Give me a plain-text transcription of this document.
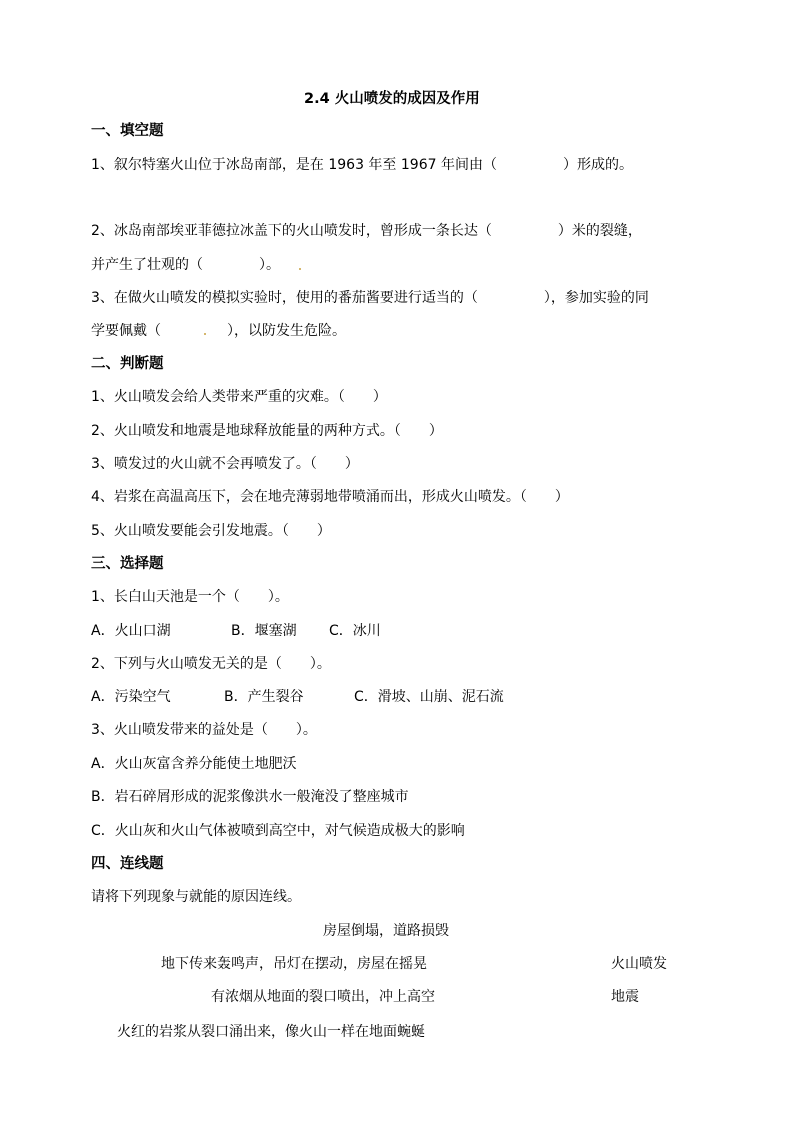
2.4 火山喷发的成因及作用
一、填空题
1、叙尔特塞火山位于冰岛南部，是在 1963 年至 1967 年间由（	）形成的。
2、冰岛南部埃亚菲德拉冰盖下的火山喷发时，曾形成一条长达（	）米的裂缝，
并产生了壮观的（	）。
3、在做火山喷发的模拟实验时，使用的番茄酱要进行适当的（	），参加实验的同
学要佩戴（	），以防发生危险。
二、判断题
1、火山喷发会给人类带来严重的灾难。（　　）
2、火山喷发和地震是地球释放能量的两种方式。（　　）
3、喷发过的火山就不会再喷发了。（　　）
4、岩浆在高温高压下，会在地壳薄弱地带喷涌而出，形成火山喷发。（　　）
5、火山喷发要能会引发地震。（　　）
三、选择题
1、长白山天池是一个（　　）。
A．火山口湖	B．堰塞湖 C．冰川
2、下列与火山喷发无关的是（　　）。
A．污染空气	B．产生裂谷	C．滑坡、山崩、泥石流
3、火山喷发带来的益处是（　　）。
A．火山灰富含养分能使土地肥沃
B．岩石碎屑形成的泥浆像洪水一般淹没了整座城市
C．火山灰和火山气体被喷到高空中，对气候造成极大的影响
四、连线题
请将下列现象与就能的原因连线。
房屋倒塌，道路损毁
地下传来轰鸣声，吊灯在摆动，房屋在摇晃
有浓烟从地面的裂口喷出，冲上高空
火红的岩浆从裂口涌出来，像火山一样在地面蜿蜒
火山喷发
地震
